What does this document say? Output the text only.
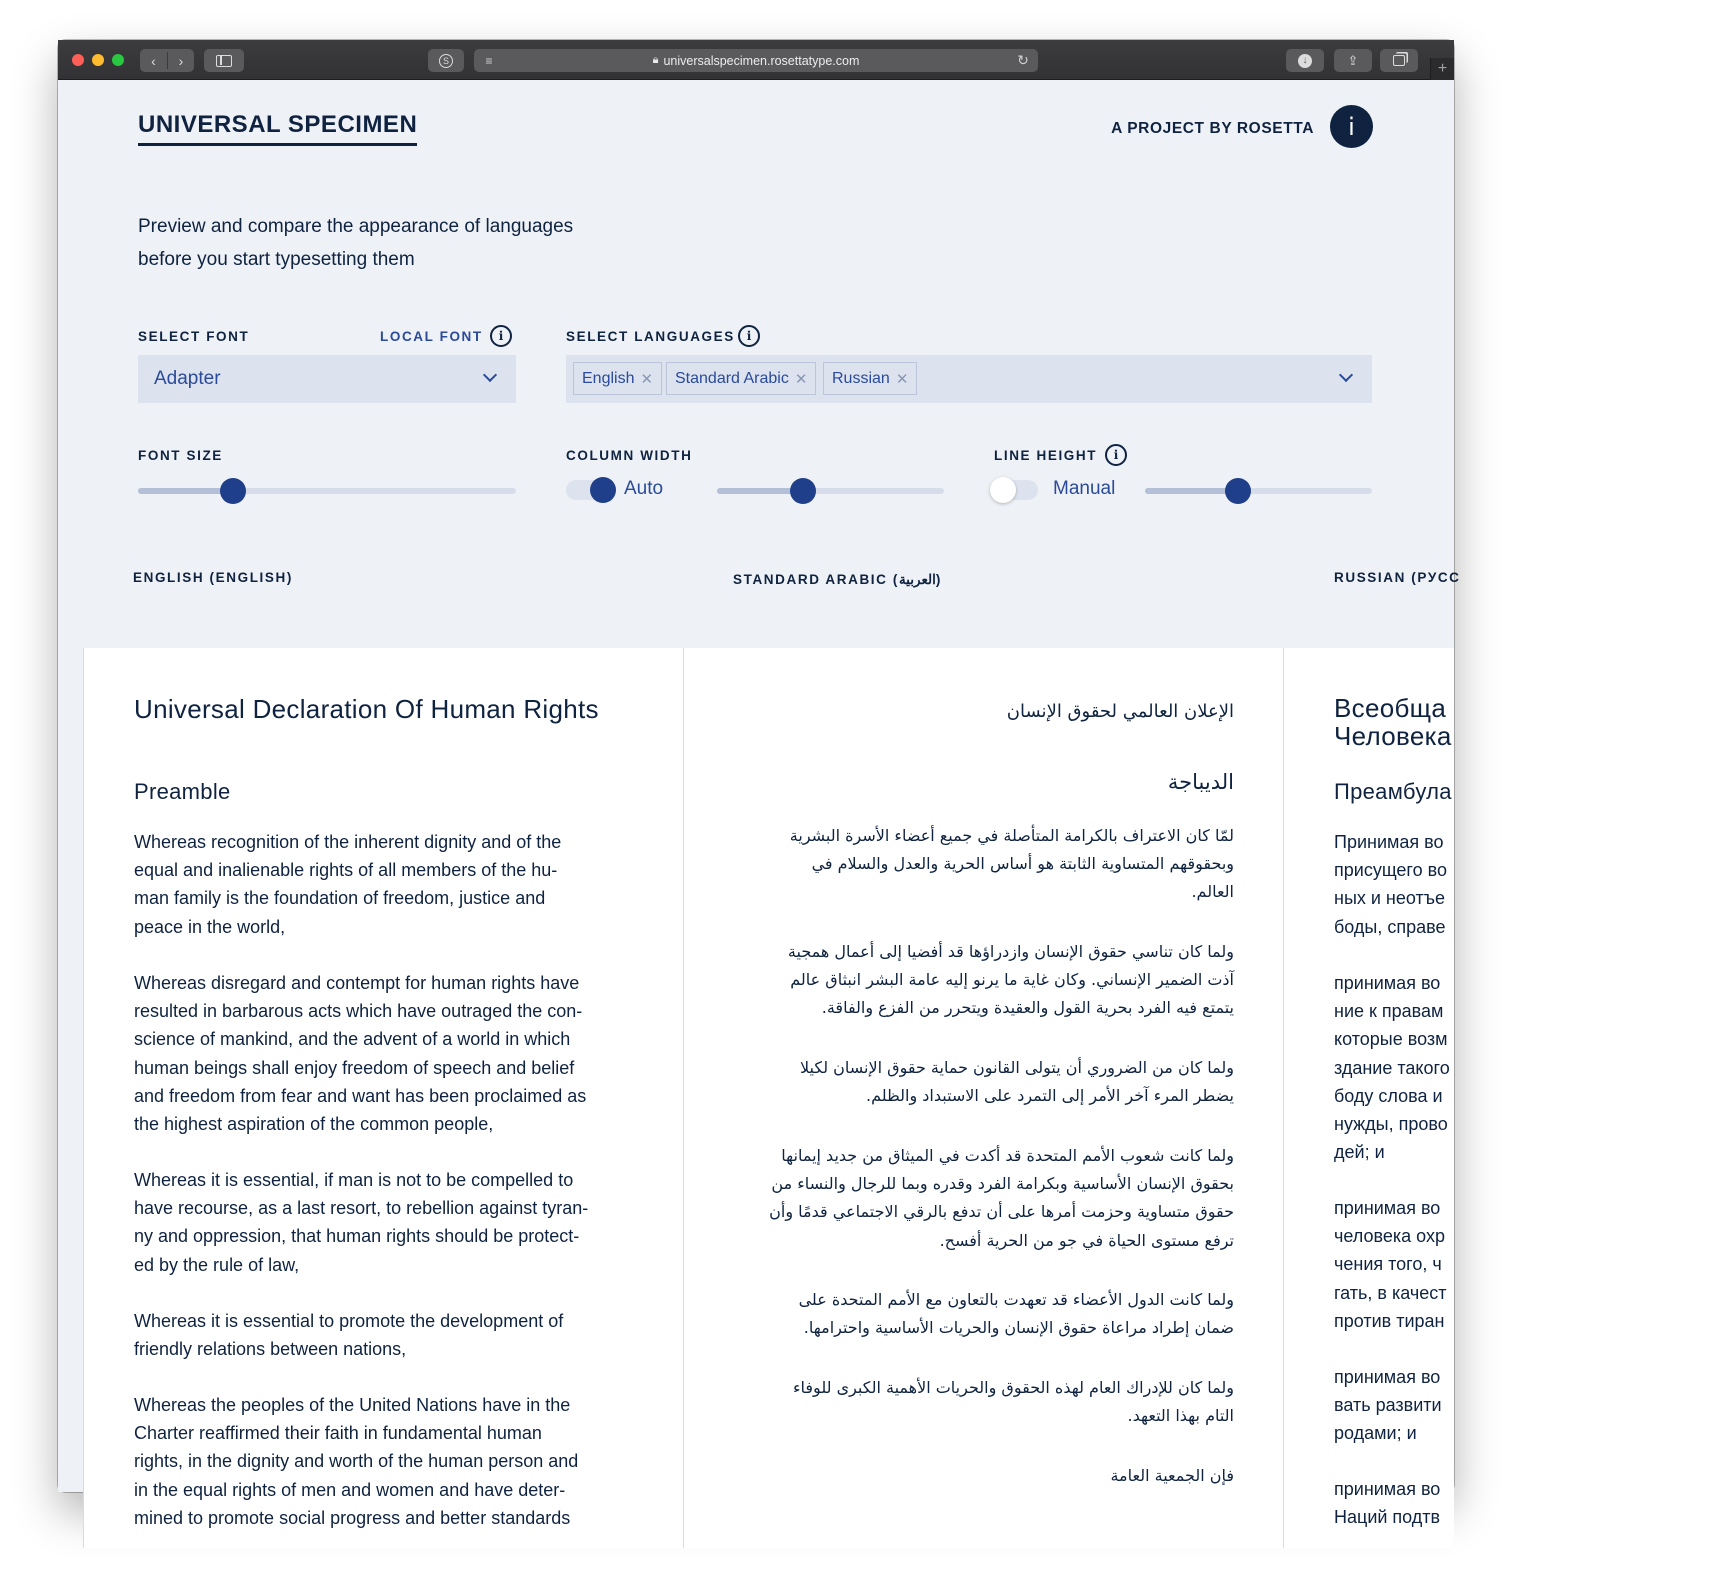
‹	›	S	≡	🔒︎ universalspecimen.rosettatype.com	↻	↓	⇪	+
UNIVERSAL SPECIMEN	A PROJECT BY ROSETTA	i
Preview and compare the appearance of languages
before you start typesetting them
SELECT FONT	LOCAL FONT	i
Adapter
SELECT LANGUAGES i
English ✕ Standard Arabic ✕ Russian ✕
FONT SIZE	COLUMN WIDTH
Auto
LINE HEIGHT	i
Manual
ENGLISH (ENGLISH)	STANDARD ARABIC (العربية)	RUSSIAN (РУСС
Universal Declaration Of Human Rights
Preamble
Whereas recognition of the inherent dignity and of the
equal and inalienable rights of all members of the hu-
man family is the foundation of freedom, justice and
peace in the world,
Whereas disregard and contempt for human rights have
resulted in barbarous acts which have outraged the con-
science of mankind, and the advent of a world in which
human beings shall enjoy freedom of speech and belief
and freedom from fear and want has been proclaimed as
the highest aspiration of the common people,
Whereas it is essential, if man is not to be compelled to
have recourse, as a last resort, to rebellion against tyran-
ny and oppression, that human rights should be protect-
ed by the rule of law,
Whereas it is essential to promote the development of
friendly relations between nations,
Whereas the peoples of the United Nations have in the
Charter reaffirmed their faith in fundamental human
rights, in the dignity and worth of the human person and
in the equal rights of men and women and have deter-
mined to promote social progress and better standards
الإعلان العالمي لحقوق الإنسان
الديباجة
لمّا كان الاعتراف بالكرامة المتأصلة في جميع أعضاء الأسرة البشرية
وبحقوقهم المتساوية الثابتة هو أساس الحرية والعدل والسلام في
العالم.
ولما كان تناسي حقوق الإنسان وازدراؤها قد أفضيا إلى أعمال همجية
آذت الضمير الإنساني. وكان غاية ما يرنو إليه عامة البشر انبثاق عالم
يتمتع فيه الفرد بحرية القول والعقيدة ويتحرر من الفزع والفاقة.
ولما كان من الضروري أن يتولى القانون حماية حقوق الإنسان لكيلا
يضطر المرء آخر الأمر إلى التمرد على الاستبداد والظلم.
ولما كانت شعوب الأمم المتحدة قد أكدت في الميثاق من جديد إيمانها
بحقوق الإنسان الأساسية وبكرامة الفرد وقدره وبما للرجال والنساء من
حقوق متساوية وحزمت أمرها على أن تدفع بالرقي الاجتماعي قدمًا وأن
ترفع مستوى الحياة في جو من الحرية أفسح.
ولما كانت الدول الأعضاء قد تعهدت بالتعاون مع الأمم المتحدة على
ضمان إطراد مراعاة حقوق الإنسان والحريات الأساسية واحترامها.
ولما كان للإدراك العام لهذه الحقوق والحريات الأهمية الكبرى للوفاء
التام بهذا التعهد.
فإن الجمعية العامة
Всеобща
Человека
Преамбула
Принимая во
присущего во
ных и неотъе
боды, справе
принимая во
ние к правам
которые возм
здание такого
боду слова и
нужды, прово
дей; и
принимая во
человека охр
чения того, ч
гать, в качест
против тиран
принимая во
вать развити
родами; и
принимая во
Наций подтв
